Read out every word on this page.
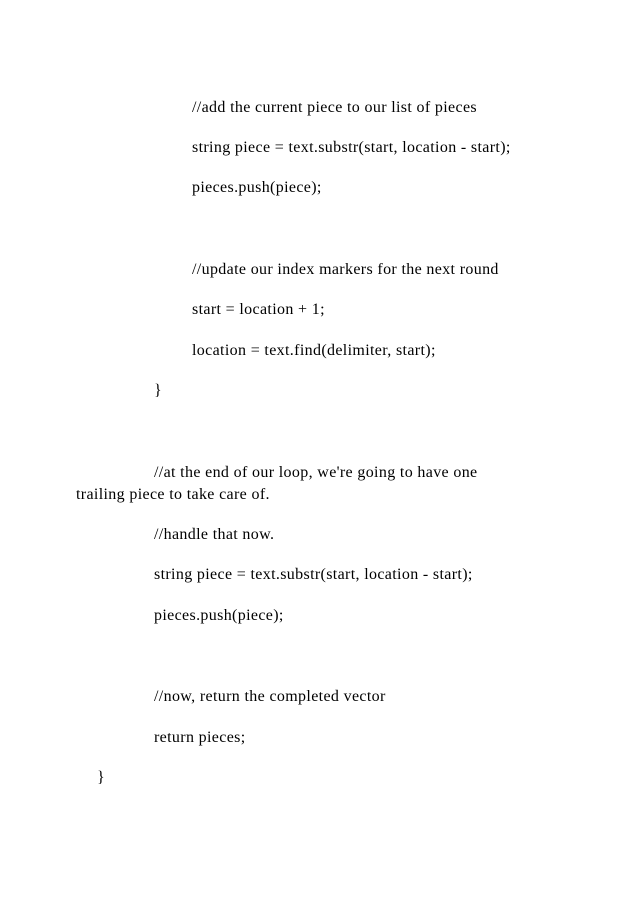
//add the current piece to our list of pieces
string piece = text.substr(start, location - start);
pieces.push(piece);
//update our index markers for the next round
start = location + 1;
location = text.find(delimiter, start);
}
//at the end of our loop, we're going to have one
trailing piece to take care of.
//handle that now.
string piece = text.substr(start, location - start);
pieces.push(piece);
//now, return the completed vector
return pieces;
}
